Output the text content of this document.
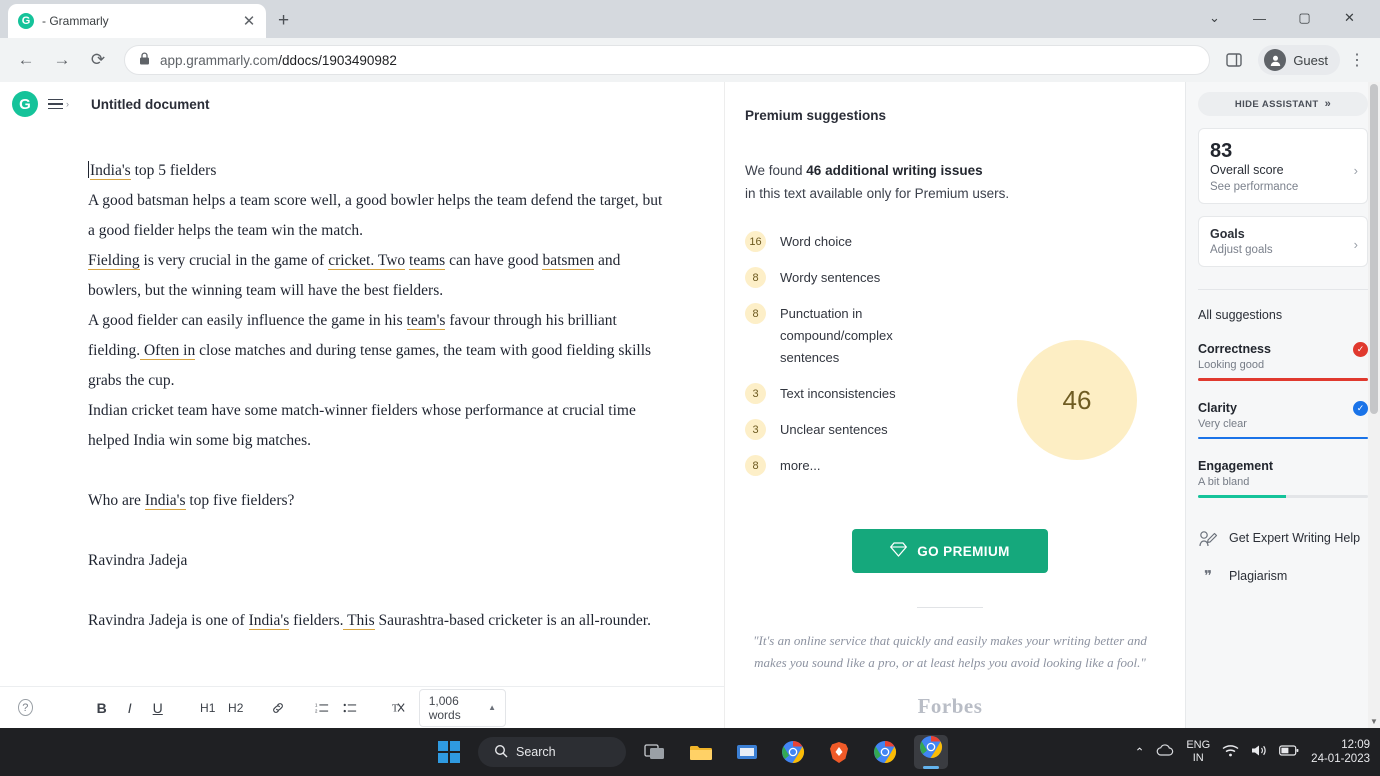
G - Grammarly	✕ +	⌄	—	▢	✕
←	→	⟳	app.grammarly.com/ddocs/1903490982	Guest	⋮
G	› Untitled document

India's top 5 fielders

A good batsman helps a team score well, a good bowler helps the team defend the target, but a good fielder helps the team win the match.

Fielding is very crucial in the game of cricket. Two teams can have good batsmen and bowlers, but the winning team will have the best fielders.

A good fielder can easily influence the game in his team's favour through his brilliant fielding. Often in close matches and during tense games, the team with good fielding skills grabs the cup.

Indian cricket team have some match-winner fielders whose performance at crucial time helped India win some big matches.

Who are India's top five fielders?

Ravindra Jadeja

Ravindra Jadeja is one of India's fielders. This Saurashtra-based cricketer is an all-rounder.

?	B	I	U	H1 H2	1
2	T
1,006 words	▲
Premium suggestions
We found 46 additional writing issues
in this text available only for Premium users.
16	Word choice
8	Wordy sentences
8	Punctuation in compound/complex sentences
3	Text inconsistencies
3	Unclear sentences
8	more...
46
GO PREMIUM
"It's an online service that quickly and easily makes your writing better and makes you sound like a pro, or at least helps you avoid looking like a fool."
Forbes
HIDE ASSISTANT »
83
Overall score
See performance
›
Goals
Adjust goals	›
All suggestions
Correctness
Looking good
✓
Clarity
Very clear
✓
Engagement
A bit bland
Get Expert Writing Help
❞	Plagiarism
▼
Search	⌃
ENG
IN
12:09
24-01-2023
